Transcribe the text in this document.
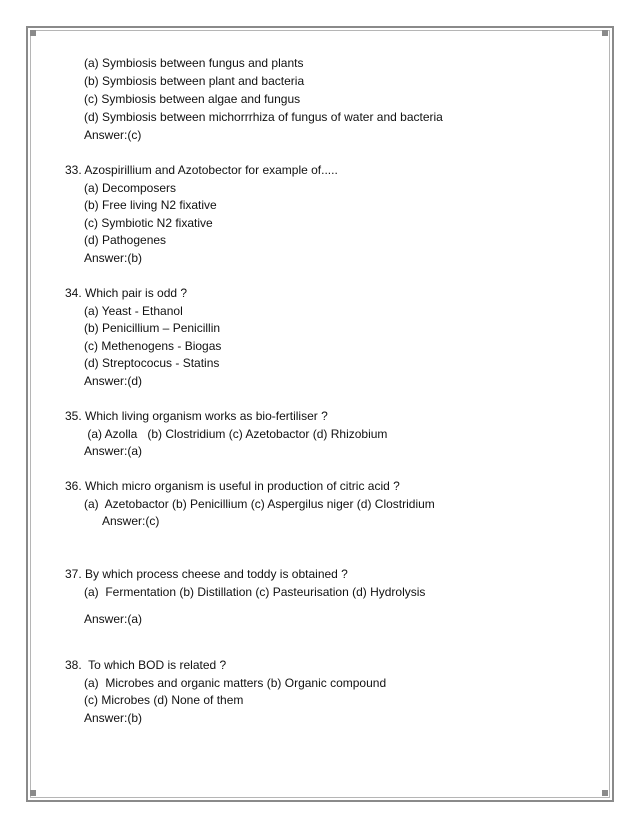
(a) Symbiosis between fungus and plants
(b) Symbiosis between plant and bacteria
(c) Symbiosis between algae and fungus
(d) Symbiosis between michorrrhiza of fungus of water and bacteria
Answer:(c)
33. Azospirillium and Azotobector for example of.....
(a) Decomposers
(b) Free living N2 fixative
(c) Symbiotic N2 fixative
(d) Pathogenes
Answer:(b)
34. Which pair is odd ?
(a) Yeast - Ethanol
(b) Penicillium – Penicillin
(c) Methenogens - Biogas
(d) Streptococus - Statins
Answer:(d)
35. Which living organism works as bio-fertiliser ?
(a) Azolla   (b) Clostridium (c) Azetobactor (d) Rhizobium
Answer:(a)
36. Which micro organism is useful in production of citric acid ?
(a)  Azetobactor (b) Penicillium (c) Aspergilus niger (d) Clostridium
Answer:(c)
37. By which process cheese and toddy is obtained ?
(a)  Fermentation (b) Distillation (c) Pasteurisation (d) Hydrolysis
Answer:(a)
38.  To which BOD is related ?
(a)  Microbes and organic matters (b) Organic compound
(c) Microbes (d) None of them
Answer:(b)
